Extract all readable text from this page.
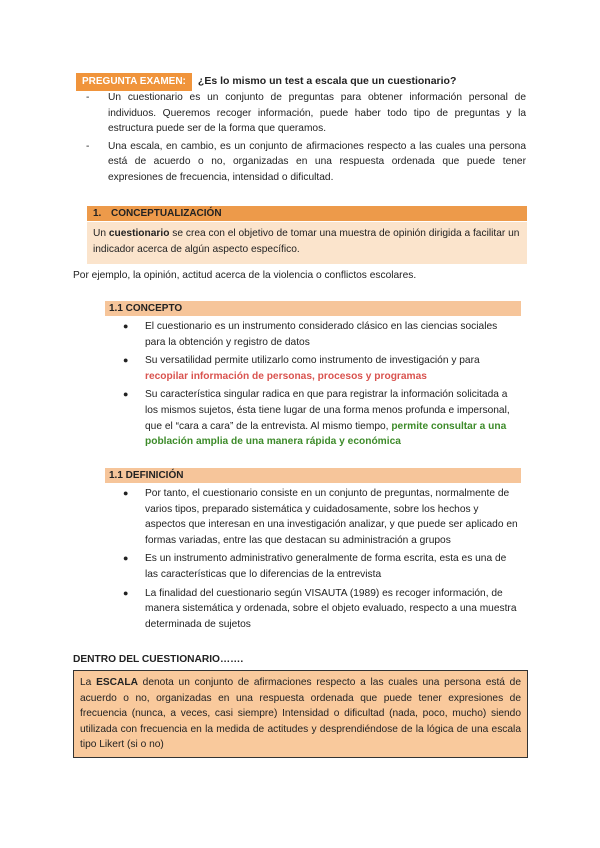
PREGUNTA EXAMEN: ¿Es lo mismo un test a escala que un cuestionario?
- Un cuestionario es un conjunto de preguntas para obtener información personal de individuos. Queremos recoger información, puede haber todo tipo de preguntas y la estructura puede ser de la forma que queramos.
- Una escala, en cambio, es un conjunto de afirmaciones respecto a las cuales una persona está de acuerdo o no, organizadas en una respuesta ordenada que puede tener expresiones de frecuencia, intensidad o dificultad.
1. CONCEPTUALIZACIÓN
Un cuestionario se crea con el objetivo de tomar una muestra de opinión dirigida a facilitar un indicador acerca de algún aspecto específico.
Por ejemplo, la opinión, actitud acerca de la violencia o conflictos escolares.
1.1 CONCEPTO
● El cuestionario es un instrumento considerado clásico en las ciencias sociales para la obtención y registro de datos
● Su versatilidad permite utilizarlo como instrumento de investigación y para recopilar información de personas, procesos y programas
● Su característica singular radica en que para registrar la información solicitada a los mismos sujetos, ésta tiene lugar de una forma menos profunda e impersonal, que el “cara a cara” de la entrevista. Al mismo tiempo, permite consultar a una población amplia de una manera rápida y económica
1.1 DEFINICIÓN
● Por tanto, el cuestionario consiste en un conjunto de preguntas, normalmente de varios tipos, preparado sistemática y cuidadosamente, sobre los hechos y aspectos que interesan en una investigación analizar, y que puede ser aplicado en formas variadas, entre las que destacan su administración a grupos
● Es un instrumento administrativo generalmente de forma escrita, esta es una de las características que lo diferencias de la entrevista
● La finalidad del cuestionario según VISAUTA (1989) es recoger información, de manera sistemática y ordenada, sobre el objeto evaluado, respecto a una muestra determinada de sujetos
DENTRO DEL CUESTIONARIO…….
La ESCALA denota un conjunto de afirmaciones respecto a las cuales una persona está de acuerdo o no, organizadas en una respuesta ordenada que puede tener expresiones de frecuencia (nunca, a veces, casi siempre) Intensidad o dificultad (nada, poco, mucho) siendo utilizada con frecuencia en la medida de actitudes y desprendiéndose de la lógica de una escala tipo Likert (si o no)
